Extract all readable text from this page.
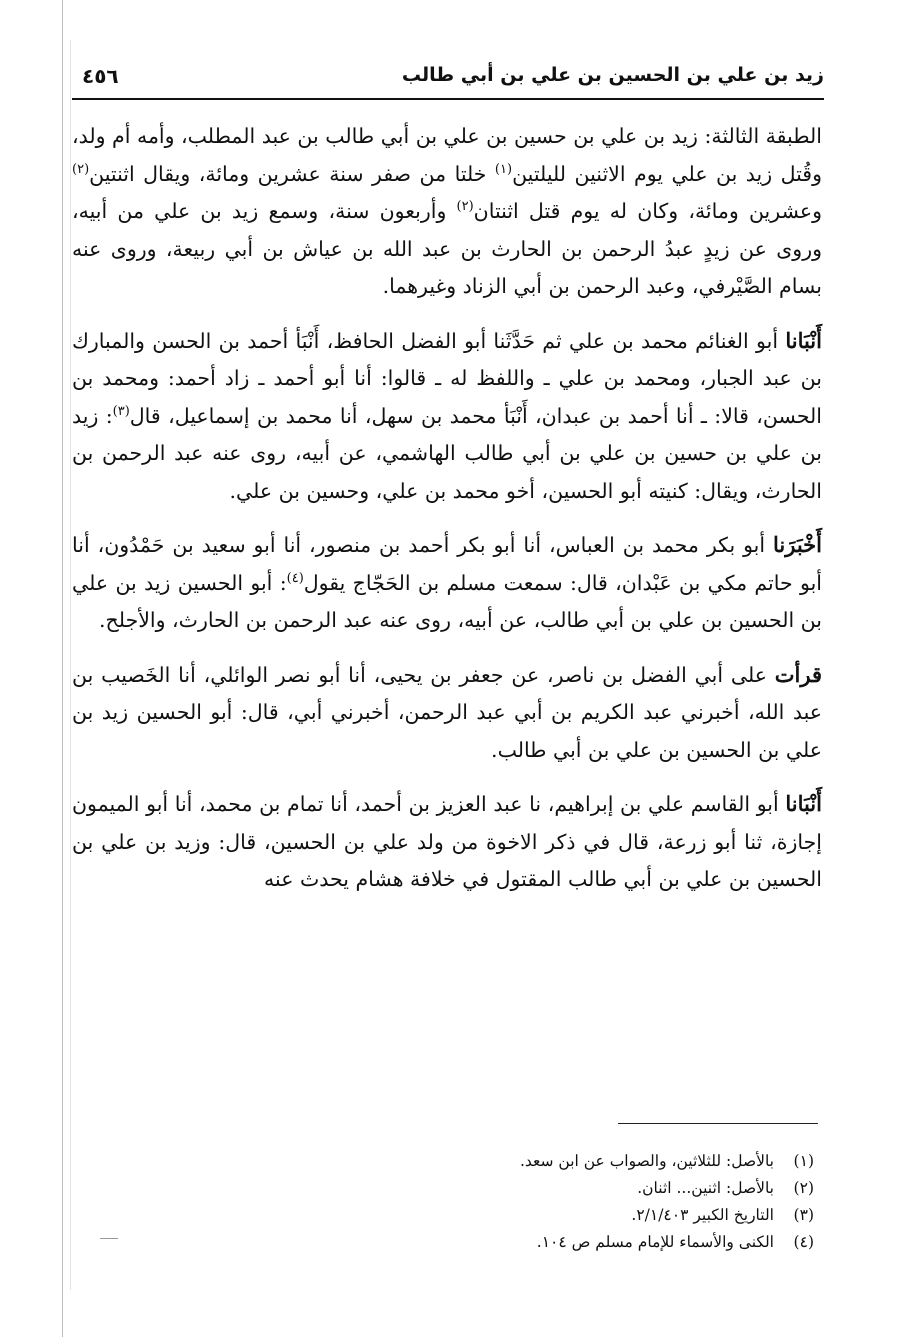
٤٥٦	زيد بن علي بن الحسين بن علي بن أبي طالب

الطبقة الثالثة: زيد بن علي بن حسين بن علي بن أبي طالب بن عبد المطلب، وأمه أم ولد، وقُتل زيد بن علي يوم الاثنين لليلتين$^{(١)}$ خلتا من صفر سنة عشرين ومائة، ويقال اثنتين$^{(٢)}$ وعشرين ومائة، وكان له يوم قتل اثنتان$^{(٢)}$ وأربعون سنة، وسمع زيد بن علي من أبيه، وروى عن زيدٍ عبدُ الرحمن بن الحارث بن عبد الله بن عياش بن أبي ربيعة، وروى عنه بسام الصَّيْرفي، وعبد الرحمن بن أبي الزناد وغيرهما.

أَنْبَانا أبو الغنائم محمد بن علي ثم حَدَّثَنا أبو الفضل الحافظ، أَنْبَأ أحمد بن الحسن والمبارك بن عبد الجبار، ومحمد بن علي ـ واللفظ له ـ قالوا: أنا أبو أحمد ـ زاد أحمد: ومحمد بن الحسن، قالا: ـ أنا أحمد بن عبدان، أَنْبَأ محمد بن سهل، أنا محمد بن إسماعيل، قال$^{(٣)}$: زيد بن علي بن حسين بن علي بن أبي طالب الهاشمي، عن أبيه، روى عنه عبد الرحمن بن الحارث، ويقال: كنيته أبو الحسين، أخو محمد بن علي، وحسين بن علي.

أَخْبَرَنا أبو بكر محمد بن العباس، أنا أبو بكر أحمد بن منصور، أنا أبو سعيد بن حَمْدُون، أنا أبو حاتم مكي بن عَبْدان، قال: سمعت مسلم بن الحَجّاج يقول$^{(٤)}$: أبو الحسين زيد بن علي بن الحسين بن علي بن أبي طالب، عن أبيه، روى عنه عبد الرحمن بن الحارث، والأجلح.

قرأت على أبي الفضل بن ناصر، عن جعفر بن يحيى، أنا أبو نصر الوائلي، أنا الخَصيب بن عبد الله، أخبرني عبد الكريم بن أبي عبد الرحمن، أخبرني أبي، قال: أبو الحسين زيد بن علي بن الحسين بن علي بن أبي طالب.

أَنْبَانا أبو القاسم علي بن إبراهيم، نا عبد العزيز بن أحمد، أنا تمام بن محمد، أنا أبو الميمون إجازة، ثنا أبو زرعة، قال في ذكر الاخوة من ولد علي بن الحسين، قال: وزيد بن علي بن الحسين بن علي بن أبي طالب المقتول في خلافة هشام يحدث عنه

(١)بالأصل: للثلاثين، والصواب عن ابن سعد.
(٢)بالأصل: اثنين... اثنان.
(٣)التاريخ الكبير ٢/١/٤٠٣.
(٤)الكنى والأسماء للإمام مسلم ص ١٠٤.
